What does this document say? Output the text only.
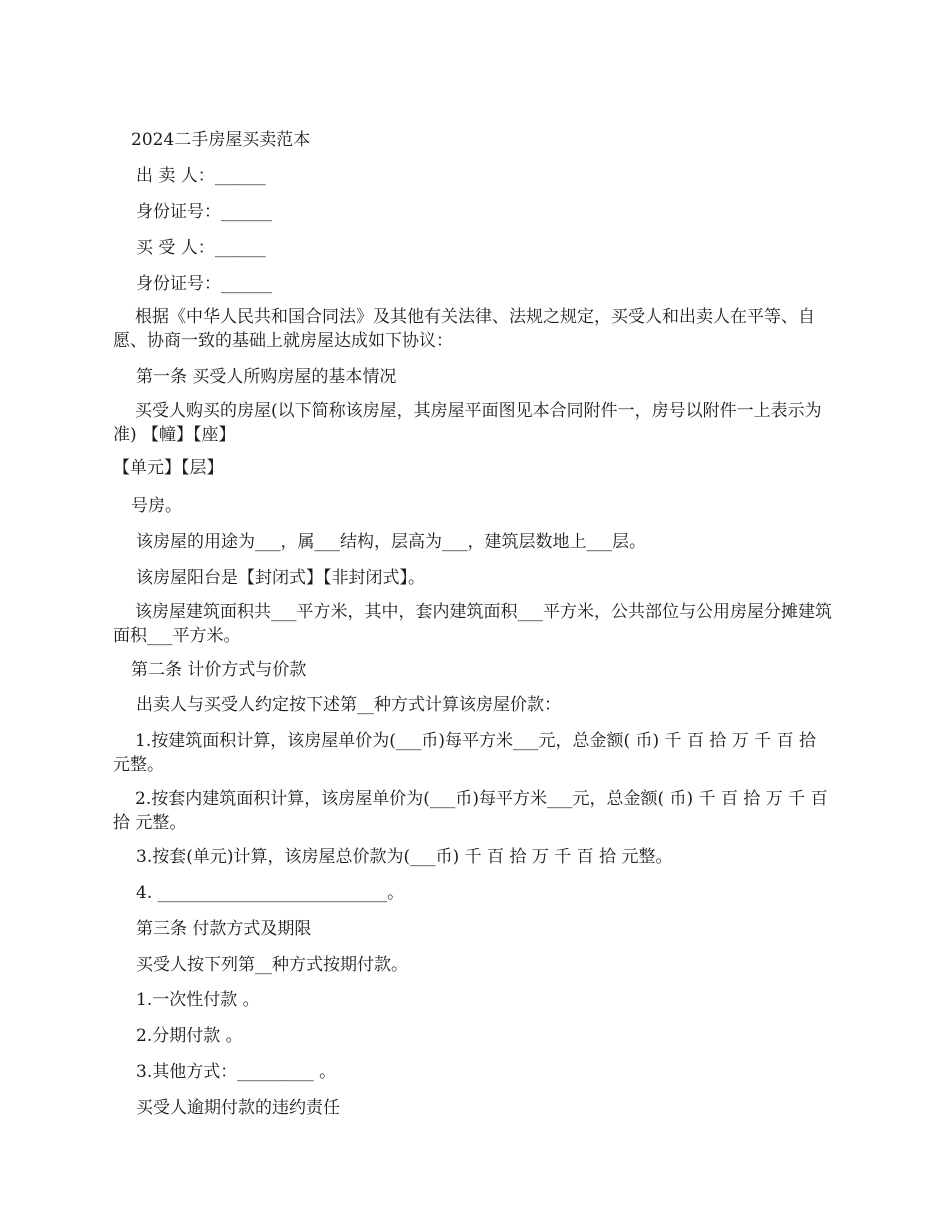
2024二手房屋买卖范本
出 卖 人：______
身份证号：______
买 受 人：______
身份证号：______
根据《中华人民共和国合同法》及其他有关法律、法规之规定，买受人和出卖人在平等、自愿、协商一致的基础上就房屋达成如下协议：
第一条 买受人所购房屋的基本情况
买受人购买的房屋(以下简称该房屋，其房屋平面图见本合同附件一，房号以附件一上表示为准) 【幢】【座】
【单元】【层】
号房。
该房屋的用途为___，属___结构，层高为___，建筑层数地上___层。
该房屋阳台是【封闭式】【非封闭式】。
该房屋建筑面积共___平方米，其中，套内建筑面积___平方米，公共部位与公用房屋分摊建筑面积___平方米。
第二条 计价方式与价款
出卖人与买受人约定按下述第__种方式计算该房屋价款：
1.按建筑面积计算，该房屋单价为(___币)每平方米___元，总金额( 币) 千 百 拾 万 千 百 拾 元整。
2.按套内建筑面积计算，该房屋单价为(___币)每平方米___元，总金额( 币) 千 百 拾 万 千 百 拾 元整。
3.按套(单元)计算，该房屋总价款为(___币) 千 百 拾 万 千 百 拾 元整。
4. ___________________________。
第三条 付款方式及期限
买受人按下列第__种方式按期付款。
1.一次性付款 。
2.分期付款 。
3.其他方式：_________ 。
买受人逾期付款的违约责任
